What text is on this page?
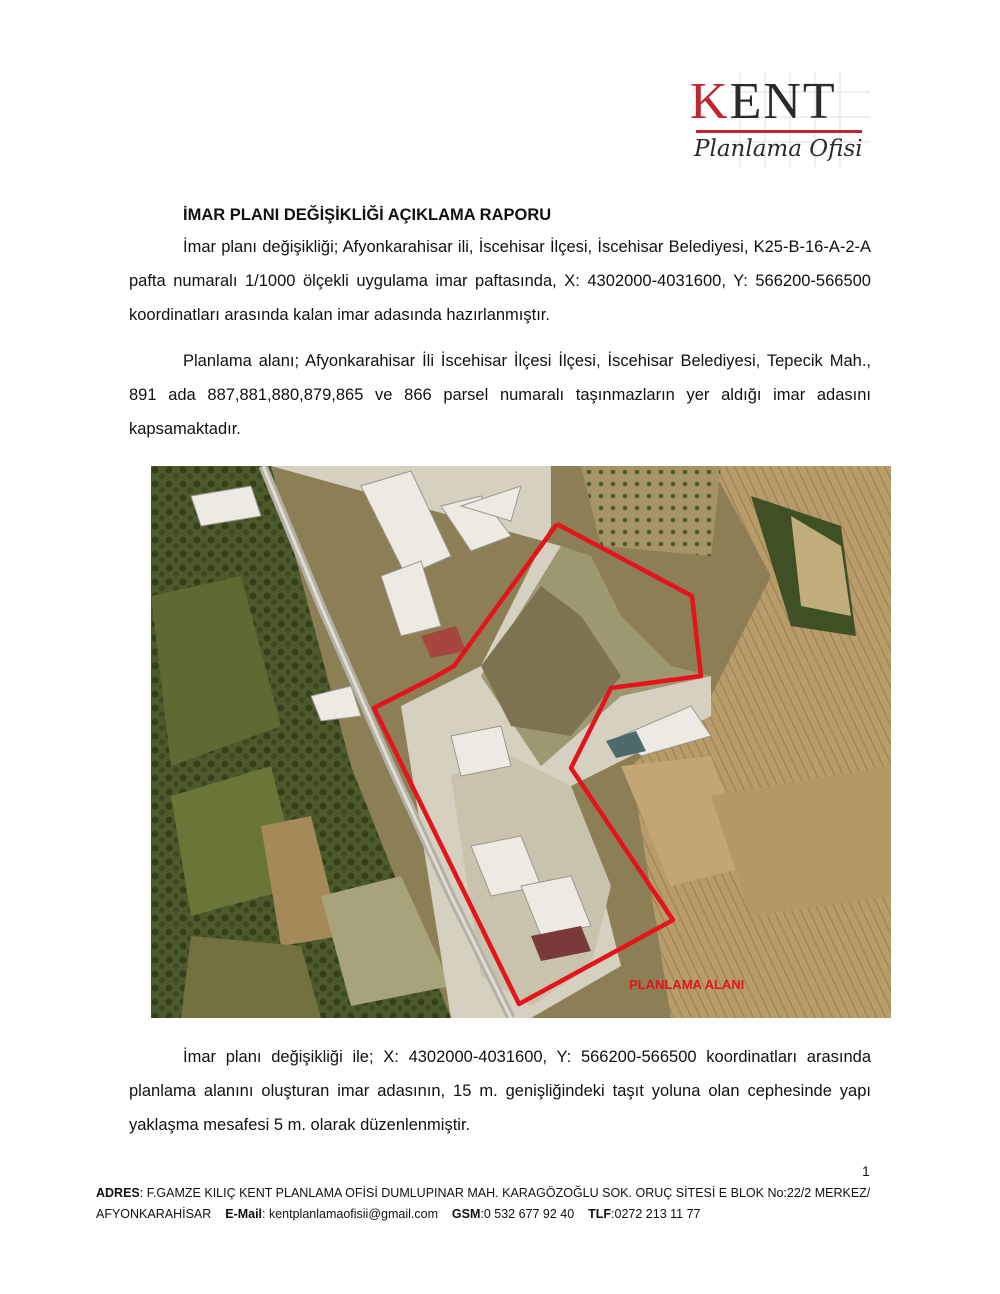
KENT
Planlama Ofisi
İMAR PLANI DEĞİŞİKLİĞİ AÇIKLAMA RAPORU

İmar planı değişikliği; Afyonkarahisar ili, İscehisar İlçesi, İscehisar Belediyesi, K25-B-16-A-2-A pafta numaralı 1/1000 ölçekli uygulama imar paftasında, X: 4302000-4031600, Y: 566200-566500 koordinatları arasında kalan imar adasında hazırlanmıştır.

Planlama alanı; Afyonkarahisar İli İscehisar İlçesi İlçesi, İscehisar Belediyesi, Tepecik Mah., 891 ada 887,881,880,879,865 ve 866 parsel numaralı taşınmazların yer aldığı imar adasını kapsamaktadır.

PLANLAMA ALANI

İmar planı değişikliği ile; X: 4302000-4031600, Y: 566200-566500 koordinatları arasında planlama alanını oluşturan imar adasının, 15 m. genişliğindeki taşıt yoluna olan cephesinde yapı yaklaşma mesafesi 5 m. olarak düzenlenmiştir.

1
ADRES: F.GAMZE KILIÇ KENT PLANLAMA OFİSİ DUMLUPINAR MAH. KARAGÖZOĞLU SOK. ORUÇ SİTESİ E BLOK No:22/2 MERKEZ/ AFYONKARAHİSAR E-Mail: kentplanlamaofisii@gmail.com GSM:0 532 677 92 40 TLF:0272 213 11 77
